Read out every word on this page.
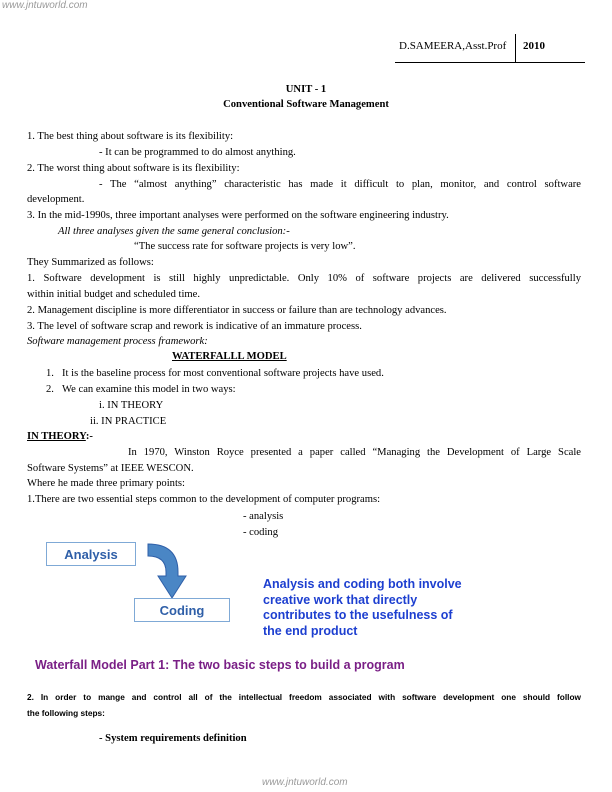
www.jntuworld.com
D.SAMEERA,Asst.Prof 2010
UNIT - 1
Conventional Software Management
1. The best thing about software is its flexibility:
- It can be programmed to do almost anything.
2. The worst thing about software is its flexibility:
- The “almost anything” characteristic has made it difficult to plan, monitor, and control software
development.
3. In the mid-1990s, three important analyses were performed on the software engineering industry.
All three analyses given the same general conclusion:-
“The success rate for software projects is very low”.
They Summarized as follows:
1. Software development is still highly unpredictable. Only 10% of software projects are delivered successfully
within initial budget and scheduled time.
2. Management discipline is more differentiator in success or failure than are technology advances.
3. The level of software scrap and rework is indicative of an immature process.
Software management process framework:
WATERFALLL MODEL
1. It is the baseline process for most conventional software projects have used.
2. We can examine this model in two ways:
i. IN THEORY
ii. IN PRACTICE
IN THEORY:-
In 1970, Winston Royce presented a paper called “Managing the Development of Large Scale
Software Systems” at IEEE WESCON.
Where he made three primary points:
1.There are two essential steps common to the development of computer programs:
- analysis
- coding
Analysis
Coding
Analysis and coding both involve
creative work that directly
contributes to the usefulness of
the end product
Waterfall Model Part 1: The two basic steps to build a program
2. In order to mange and control all of the intellectual freedom associated with software development one should follow
the following steps:
- System requirements definition
www.jntuworld.com
